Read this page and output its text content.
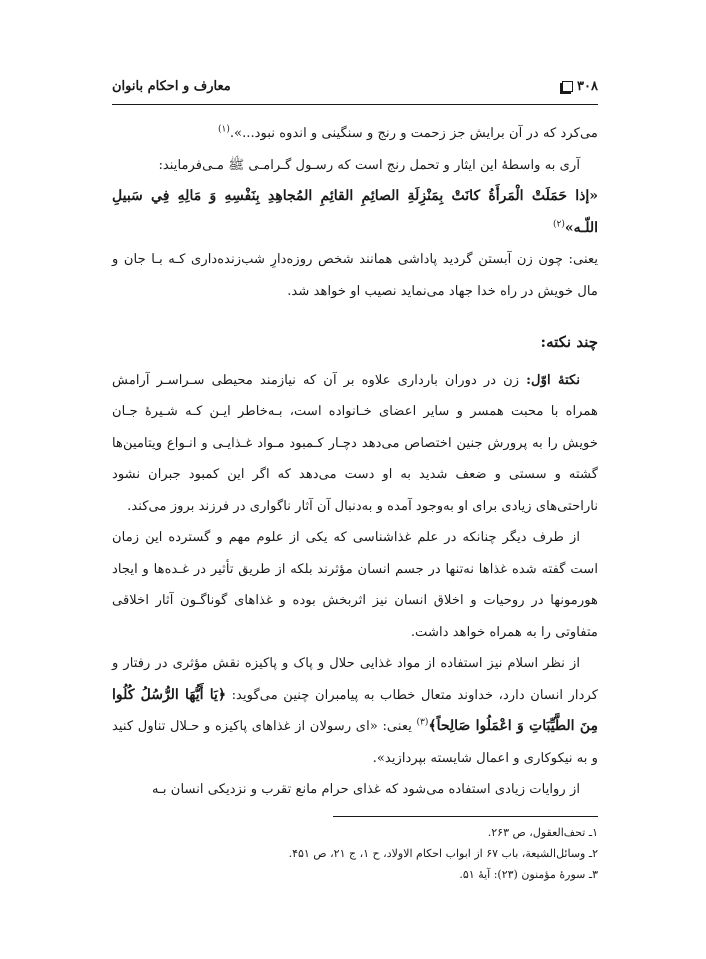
۳۰۸
معارف و احکام بانوان

می‌کرد که در آن برایش جز زحمت و رنج و سنگینی و اندوه نبود...».$^{(۱)}$

آری به واسطهٔ این ایثار و تحمل رنج است که رسـول گـرامـی ﷺ مـی‌فرمایند:

«إذا حَمَلَتْ الْمَرأَةُ کانَتْ بِمَنْزِلَةِ الصائِمِ القائِمِ المُجاهِدِ بِنَفْسِهِ وَ مَالِهِ فِي سَبيلِ اللّـه»$^{(۲)}$

یعنی: چون زن آبستن گردید پاداشی همانند شخص روزه‌دارِ شب‌زنده‌داری کـه بـا جان و مال خویش در راه خدا جهاد می‌نماید نصیب او خواهد شد.

چند نکته:

نکتهٔ اوّل: زن در دوران بارداری علاوه بر آن که نیازمند محیطی سـراسـر آرامش همراه با محبت همسر و سایر اعضای خـانواده است، بـه‌خاطر ایـن کـه شـیرهٔ جـان خویش را به پرورش جنین اختصاص می‌دهد دچـار کـمبود مـواد غـذایـی و انـواع ویتامین‌ها گشته و سستی و ضعف شدید به او دست می‌دهد که اگر این کمبود جبران نشود ناراحتی‌های زیادی برای او به‌وجود آمده و به‌دنبال آن آثار ناگواری در فرزند بروز می‌کند.

از طرف دیگر چنانکه در علم غذاشناسی که یکی از علوم مهم و گسترده این زمان است گفته شده غذاها نه‌تنها در جسم انسان مؤثرند بلکه از طریق تأثیر در غـده‌ها و ایجاد هورمونها در روحیات و اخلاق انسان نیز اثربخش بوده و غذاهای گوناگـون آثار اخلاقی متفاوتی را به همراه خواهد داشت.

از نظر اسلام نیز استفاده از مواد غذایی حلال و پاک و پاکیزه نقش مؤثری در رفتار و کردار انسان دارد، خداوند متعال خطاب به پیامبران چنین می‌گوید: ﴿يَا أَيُّهَا الرُّسُلُ كُلُوا مِنَ الطَّيِّبَاتِ وَ اعْمَلُوا صَالِحاً﴾$^{(۳)}$ یعنی: «ای رسولان از غذاهای پاکیزه و حـلال تناول کنید و به نیکوکاری و اعمال شایسته بپردازید».

از روایات زیادی استفاده می‌شود که غذای حرام مانع تقرب و نزدیکی انسان بـه

۱ـ تحف‌العقول، ص ۲۶۳.
۲ـ وسائل‌الشیعة، باب ۶۷ از ابواب احکام الاولاد، ح ۱، ج ۲۱، ص ۴۵۱.
۳ـ سورهٔ مؤمنون (۲۳): آیهٔ ۵۱.
